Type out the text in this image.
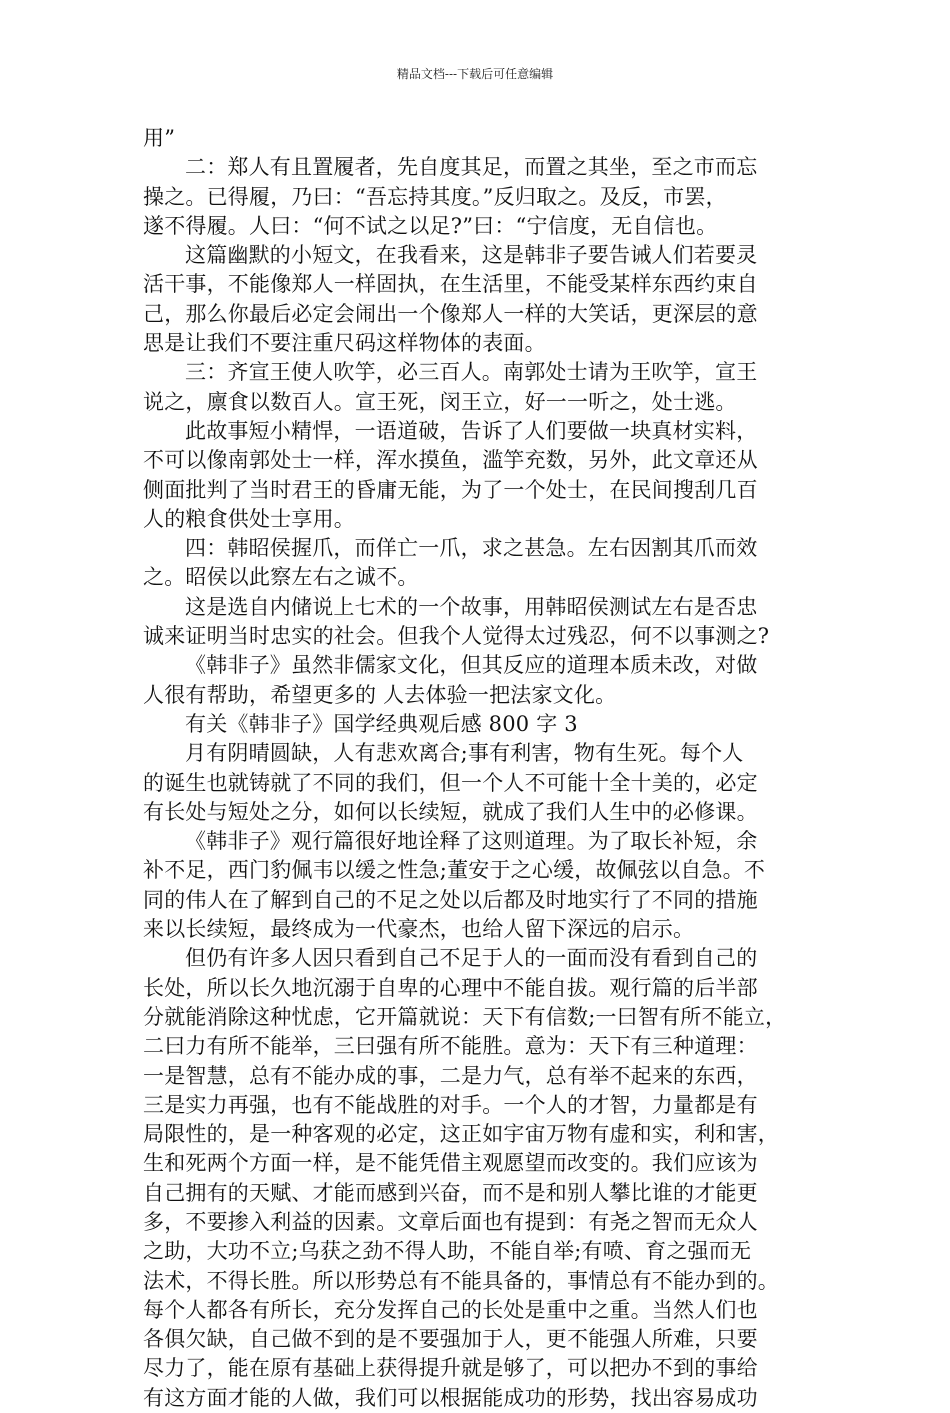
精品文档---下载后可任意编辑
用”
二：郑人有且置履者，先自度其足，而置之其坐，至之市而忘
操之。已得履，乃曰：“吾忘持其度。”反归取之。及反，市罢，
遂不得履。人曰：“何不试之以足?”曰：“宁信度，无自信也。
这篇幽默的小短文，在我看来，这是韩非子要告诫人们若要灵
活干事，不能像郑人一样固执，在生活里，不能受某样东西约束自
己，那么你最后必定会闹出一个像郑人一样的大笑话，更深层的意
思是让我们不要注重尺码这样物体的表面。
三：齐宣王使人吹竽，必三百人。南郭处士请为王吹竽，宣王
说之，廪食以数百人。宣王死，闵王立，好一一听之，处士逃。
此故事短小精悍，一语道破，告诉了人们要做一块真材实料，
不可以像南郭处士一样，浑水摸鱼，滥竽充数，另外，此文章还从
侧面批判了当时君王的昏庸无能，为了一个处士，在民间搜刮几百
人的粮食供处士享用。
四：韩昭侯握爪，而佯亡一爪，求之甚急。左右因割其爪而效
之。昭侯以此察左右之诚不。
这是选自内储说上七术的一个故事，用韩昭侯测试左右是否忠
诚来证明当时忠实的社会。但我个人觉得太过残忍，何不以事测之?
《韩非子》虽然非儒家文化，但其反应的道理本质未改，对做
人很有帮助，希望更多的 人去体验一把法家文化。
有关《韩非子》国学经典观后感 800 字 3
月有阴晴圆缺，人有悲欢离合;事有利害，物有生死。每个人
的诞生也就铸就了不同的我们，但一个人不可能十全十美的，必定
有长处与短处之分，如何以长续短，就成了我们人生中的必修课。
《韩非子》观行篇很好地诠释了这则道理。为了取长补短，余
补不足，西门豹佩韦以缓之性急;董安于之心缓，故佩弦以自急。不
同的伟人在了解到自己的不足之处以后都及时地实行了不同的措施
来以长续短，最终成为一代豪杰，也给人留下深远的启示。
但仍有许多人因只看到自己不足于人的一面而没有看到自己的
长处，所以长久地沉溺于自卑的心理中不能自拔。观行篇的后半部
分就能消除这种忧虑，它开篇就说：天下有信数;一曰智有所不能立，
二曰力有所不能举，三曰强有所不能胜。意为：天下有三种道理：
一是智慧，总有不能办成的事，二是力气，总有举不起来的东西，
三是实力再强，也有不能战胜的对手。一个人的才智，力量都是有
局限性的，是一种客观的必定，这正如宇宙万物有虚和实，利和害，
生和死两个方面一样，是不能凭借主观愿望而改变的。我们应该为
自己拥有的天赋、才能而感到兴奋，而不是和别人攀比谁的才能更
多，不要掺入利益的因素。文章后面也有提到：有尧之智而无众人
之助，大功不立;乌获之劲不得人助，不能自举;有喷、育之强而无
法术，不得长胜。所以形势总有不能具备的，事情总有不能办到的。
每个人都各有所长，充分发挥自己的长处是重中之重。当然人们也
各俱欠缺，自己做不到的是不要强加于人，更不能强人所难，只要
尽力了，能在原有基础上获得提升就是够了，可以把办不到的事给
有这方面才能的人做，我们可以根据能成功的形势，找出容易成功
